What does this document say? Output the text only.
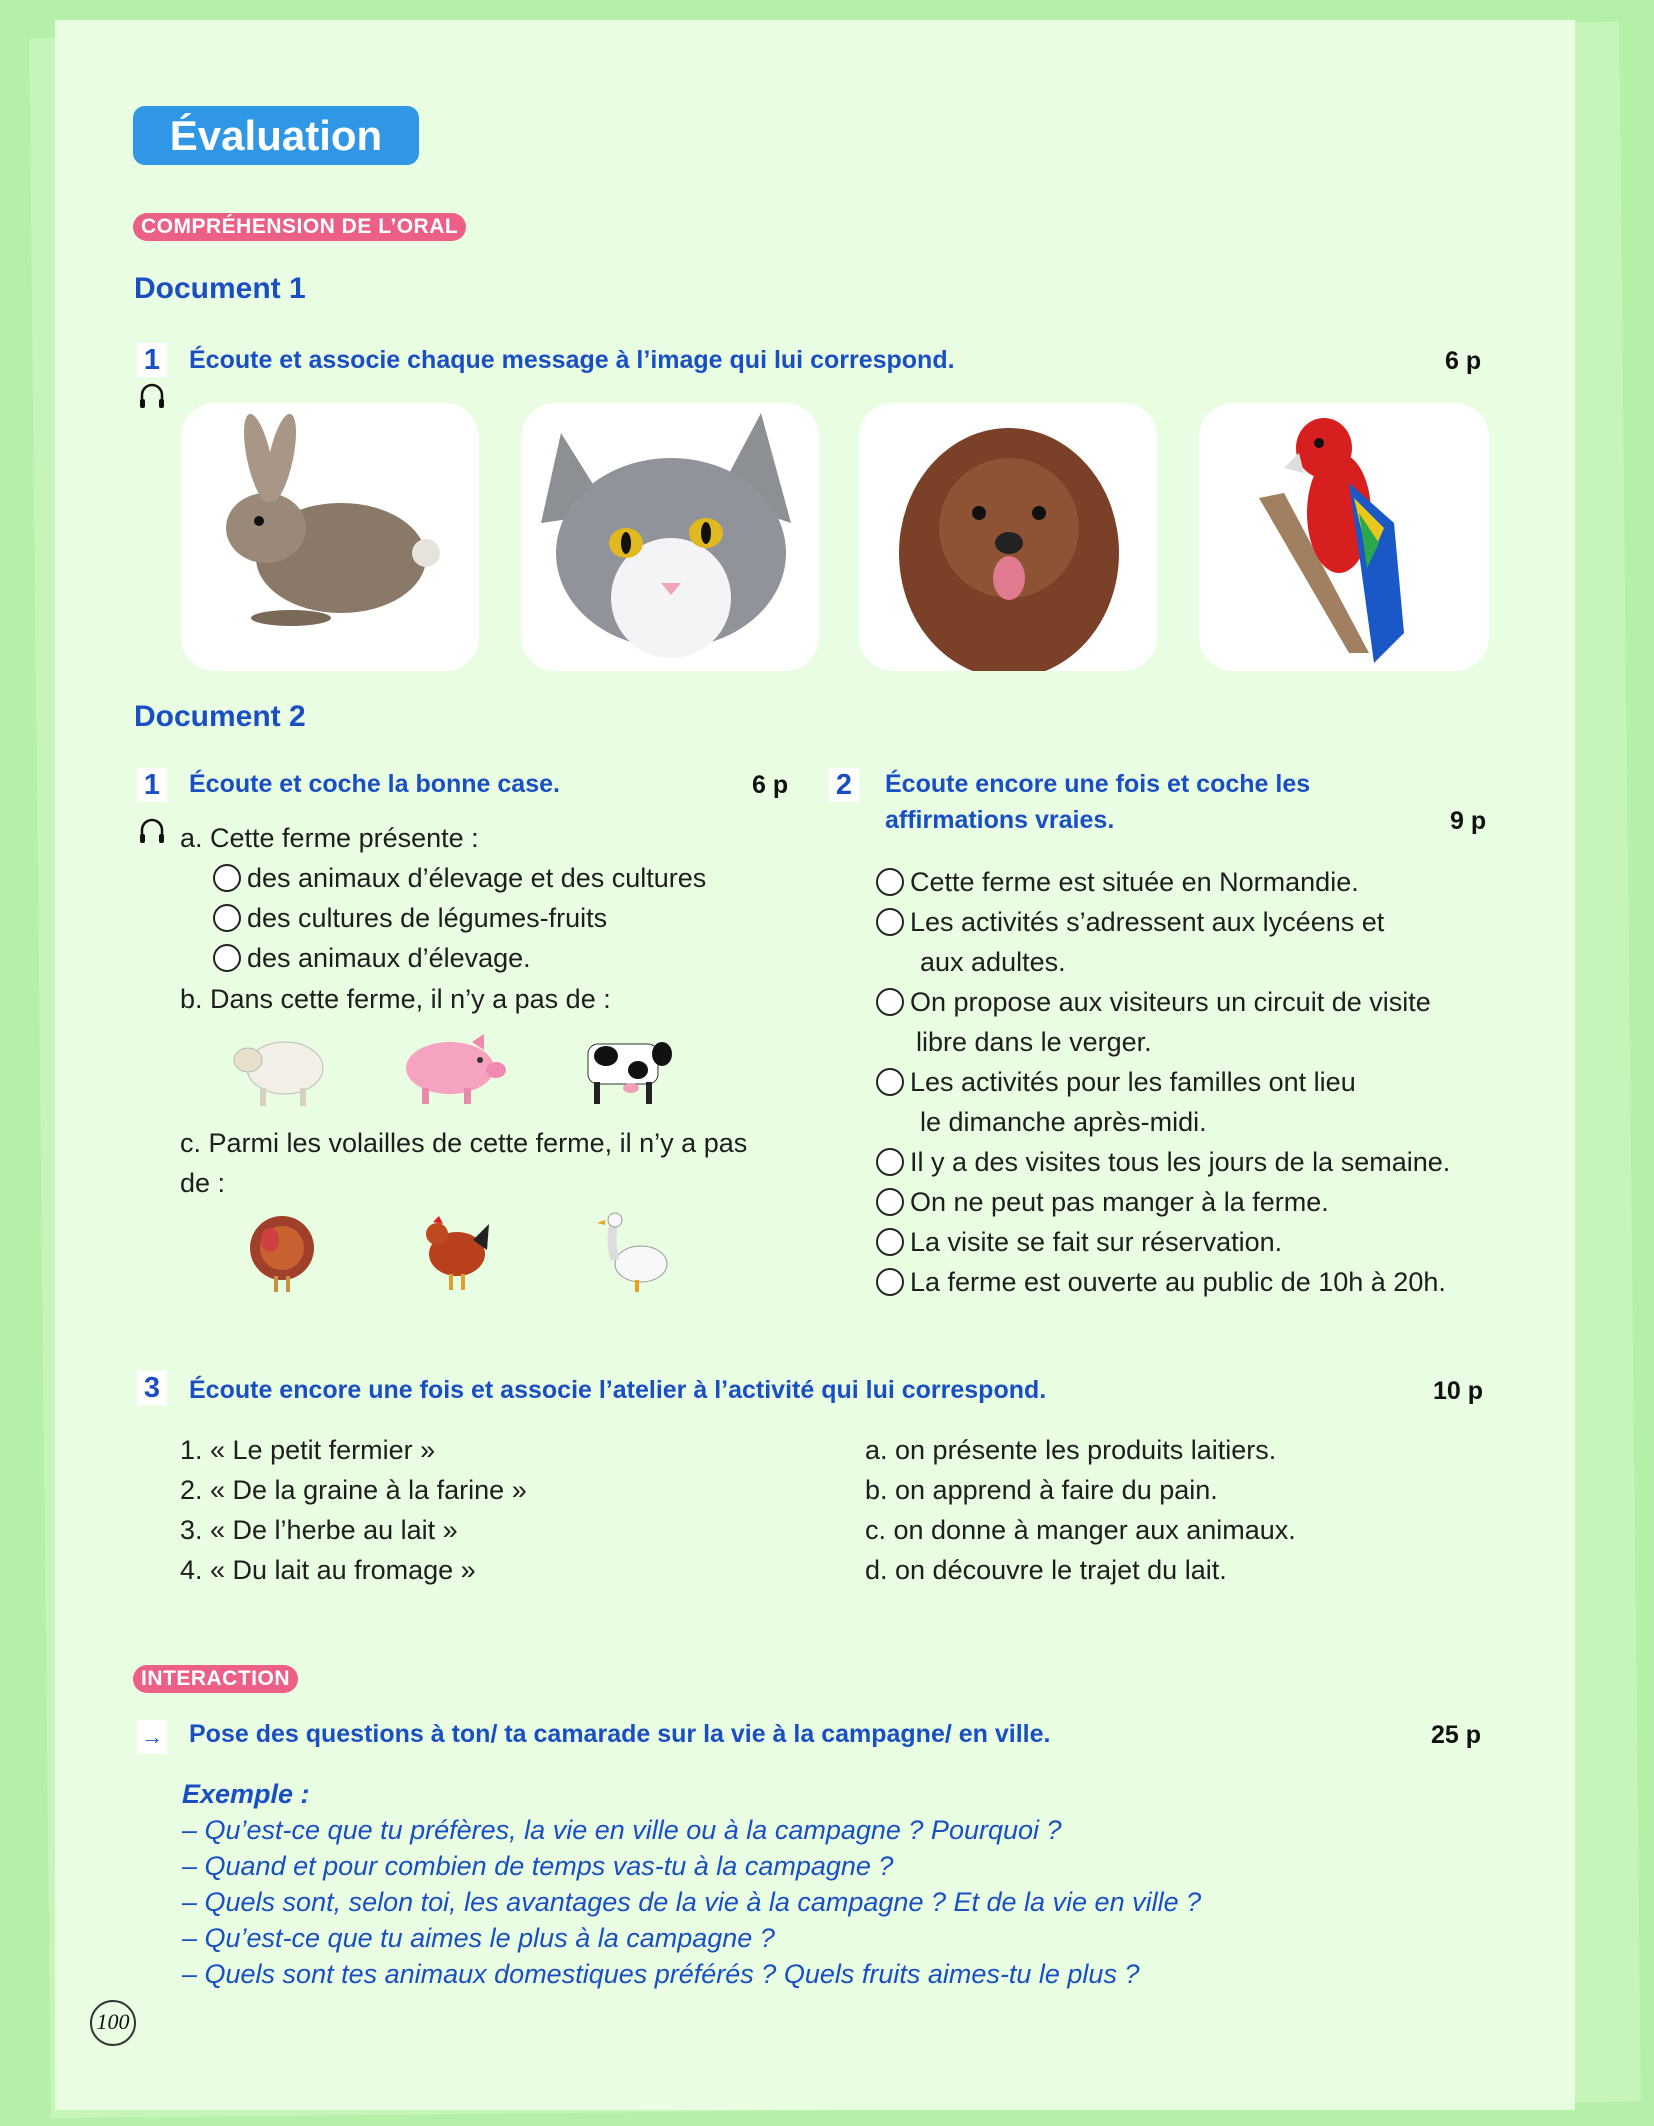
Évaluation
COMPRÉHENSION DE L’ORAL
Document 1
1 Écoute et associe chaque message à l’image qui lui correspond.	6 p
Document 2
1 Écoute et coche la bonne case.	6 p
a. Cette ferme présente :
des animaux d’élevage et des cultures
des cultures de légumes-fruits
des animaux d’élevage.
b. Dans cette ferme, il n’y a pas de :
c. Parmi les volailles de cette ferme, il n’y a pas
de :
2 Écoute encore une fois et coche les
affirmations vraies.	9 p
Cette ferme est située en Normandie.
Les activités s’adressent aux lycéens et
aux adultes.
On propose aux visiteurs un circuit de visite
libre dans le verger.
Les activités pour les familles ont lieu
le dimanche après-midi.
Il y a des visites tous les jours de la semaine.
On ne peut pas manger à la ferme.
La visite se fait sur réservation.
La ferme est ouverte au public de 10h à 20h.
3 Écoute encore une fois et associe l’atelier à l’activité qui lui correspond.	10 p
1. « Le petit fermier »
2. « De la graine à la farine »
3. « De l’herbe au lait »
4. « Du lait au fromage »
a. on présente les produits laitiers.
b. on apprend à faire du pain.
c. on donne à manger aux animaux.
d. on découvre le trajet du lait.
INTERACTION
→ Pose des questions à ton/ ta camarade sur la vie à la campagne/ en ville.	25 p
Exemple :
– Qu’est-ce que tu préfères, la vie en ville ou à la campagne ? Pourquoi ?
– Quand et pour combien de temps vas-tu à la campagne ?
– Quels sont, selon toi, les avantages de la vie à la campagne ? Et de la vie en ville ?
– Qu’est-ce que tu aimes le plus à la campagne ?
– Quels sont tes animaux domestiques préférés ? Quels fruits aimes-tu le plus ?
100
